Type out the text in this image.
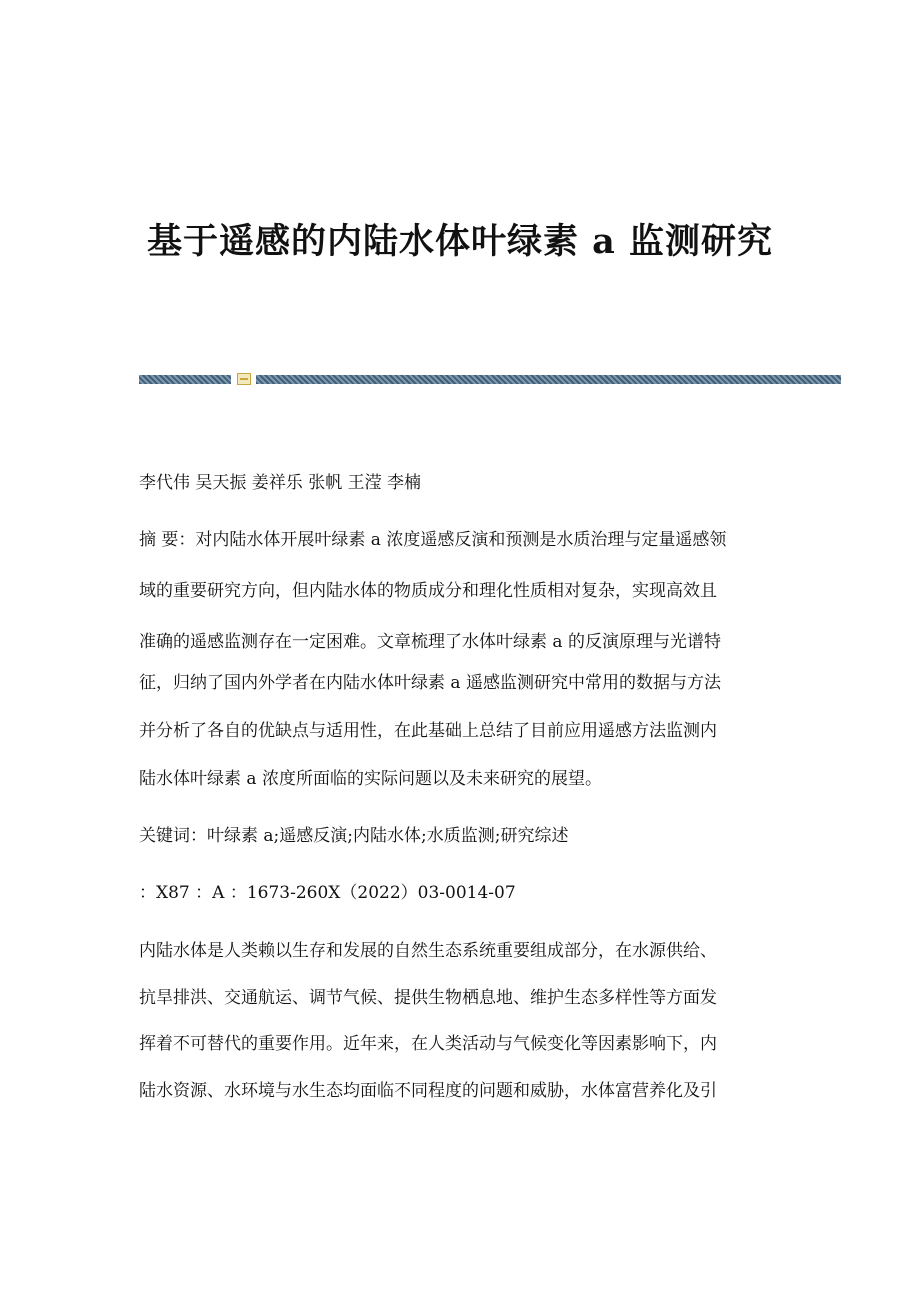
基于遥感的内陆水体叶绿素 a 监测研究
李代伟 吴天振 姜祥乐 张帆 王滢 李楠
摘 要：对内陆水体开展叶绿素 a 浓度遥感反演和预测是水质治理与定量遥感领
域的重要研究方向，但内陆水体的物质成分和理化性质相对复杂，实现高效且
准确的遥感监测存在一定困难。文章梳理了水体叶绿素 a 的反演原理与光谱特
征，归纳了国内外学者在内陆水体叶绿素 a 遥感监测研究中常用的数据与方法
并分析了各自的优缺点与适用性，在此基础上总结了目前应用遥感方法监测内
陆水体叶绿素 a 浓度所面临的实际问题以及未来研究的展望。
关键词：叶绿素 a;遥感反演;内陆水体;水质监测;研究综述
：X87 ：A ：1673-260X（2022）03-0014-07
内陆水体是人类赖以生存和发展的自然生态系统重要组成部分，在水源供给、
抗旱排洪、交通航运、调节气候、提供生物栖息地、维护生态多样性等方面发
挥着不可替代的重要作用。近年来，在人类活动与气候变化等因素影响下，内
陆水资源、水环境与水生态均面临不同程度的问题和威胁，水体富营养化及引
